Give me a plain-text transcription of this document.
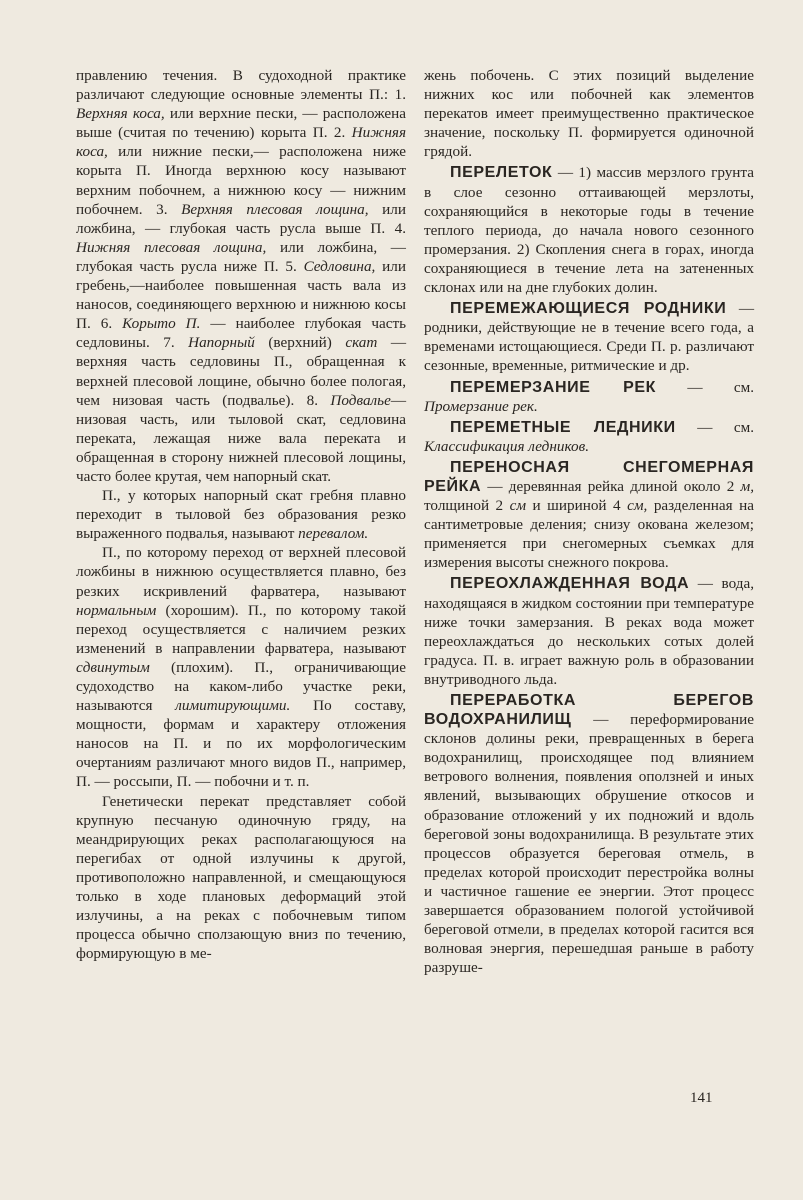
правлению течения. В судоходной практике различают следующие основные элементы П.: 1. Верхняя коса, или верхние пески, — расположена выше (считая по течению) корыта П. 2. Нижняя коса, или нижние пески,— расположена ниже корыта П. Иногда верхнюю косу называют верхним побочнем, а нижнюю косу — нижним побочнем. 3. Верхняя плесовая лощина, или ложбина, — глубокая часть русла выше П. 4. Нижняя плесовая лощина, или ложбина, — глубокая часть русла ниже П. 5. Седловина, или гребень,—наиболее повышенная часть вала из наносов, соединяющего верхнюю и нижнюю косы П. 6. Корыто П. — наиболее глубокая часть седловины. 7. Напорный (верхний) скат — верхняя часть седловины П., обращенная к верхней плесовой лощине, обычно более пологая, чем низовая часть (подвалье). 8. Подвалье— низовая часть, или тыловой скат, седловина переката, лежащая ниже вала переката и обращенная в сторону нижней плесовой лощины, часто более крутая, чем напорный скат.

П., у которых напорный скат гребня плавно переходит в тыловой без образования резко выраженного подвалья, называют перевалом.

П., по которому переход от верхней плесовой ложбины в нижнюю осуществляется плавно, без резких искривлений фарватера, называют нормальным (хорошим). П., по которому такой переход осуществляется с наличием резких изменений в направлении фарватера, называют сдвинутым (плохим). П., ограничивающие судоходство на каком-либо участке реки, называются лимитирующими. По составу, мощности, формам и характеру отложения наносов на П. и по их морфологическим очертаниям различают много видов П., например, П. — россыпи, П. — побочни и т. п.

Генетически перекат представляет собой крупную песчаную одиночную гряду, на меандрирующих реках располагающуюся на перегибах от одной излучины к другой, противоположно направленной, и смещающуюся только в ходе плановых деформаций этой излучины, а на реках с побочневым типом процесса обычно сползающую вниз по течению, формирующую в ме-

жень побочень. С этих позиций выделение нижних кос или побочней как элементов перекатов имеет преимущественно практическое значение, поскольку П. формируется одиночной грядой.

ПЕРЕЛЕТОК — 1) массив мерзлого грунта в слое сезонно оттаивающей мерзлоты, сохраняющийся в некоторые годы в течение теплого периода, до начала нового сезонного промерзания. 2) Скопления снега в горах, иногда сохраняющиеся в течение лета на затененных склонах или на дне глубоких долин.

ПЕРЕМЕЖАЮЩИЕСЯ РОДНИКИ — родники, действующие не в течение всего года, а временами истощающиеся. Среди П. р. различают сезонные, временные, ритмические и др.

ПЕРЕМЕРЗАНИЕ РЕК — см. Промерзание рек.

ПЕРЕМЕТНЫЕ ЛЕДНИКИ — см. Классификация ледников.

ПЕРЕНОСНАЯ СНЕГОМЕРНАЯ РЕЙКА — деревянная рейка длиной около 2 м, толщиной 2 см и шириной 4 см, разделенная на сантиметровые деления; снизу окована железом; применяется при снегомерных съемках для измерения высоты снежного покрова.

ПЕРЕОХЛАЖДЕННАЯ ВОДА — вода, находящаяся в жидком состоянии при температуре ниже точки замерзания. В реках вода может переохлаждаться до нескольких сотых долей градуса. П. в. играет важную роль в образовании внутриводного льда.

ПЕРЕРАБОТКА БЕРЕГОВ ВОДОХРАНИЛИЩ — переформирование склонов долины реки, превращенных в берега водохранилищ, происходящее под влиянием ветрового волнения, появления оползней и иных явлений, вызывающих обрушение откосов и образование отложений у их подножий и вдоль береговой зоны водохранилища. В результате этих процессов образуется береговая отмель, в пределах которой происходит перестройка волны и частичное гашение ее энергии. Этот процесс завершается образованием пологой устойчивой береговой отмели, в пределах которой гасится вся волновая энергия, перешедшая раньше в работу разруше-

141
